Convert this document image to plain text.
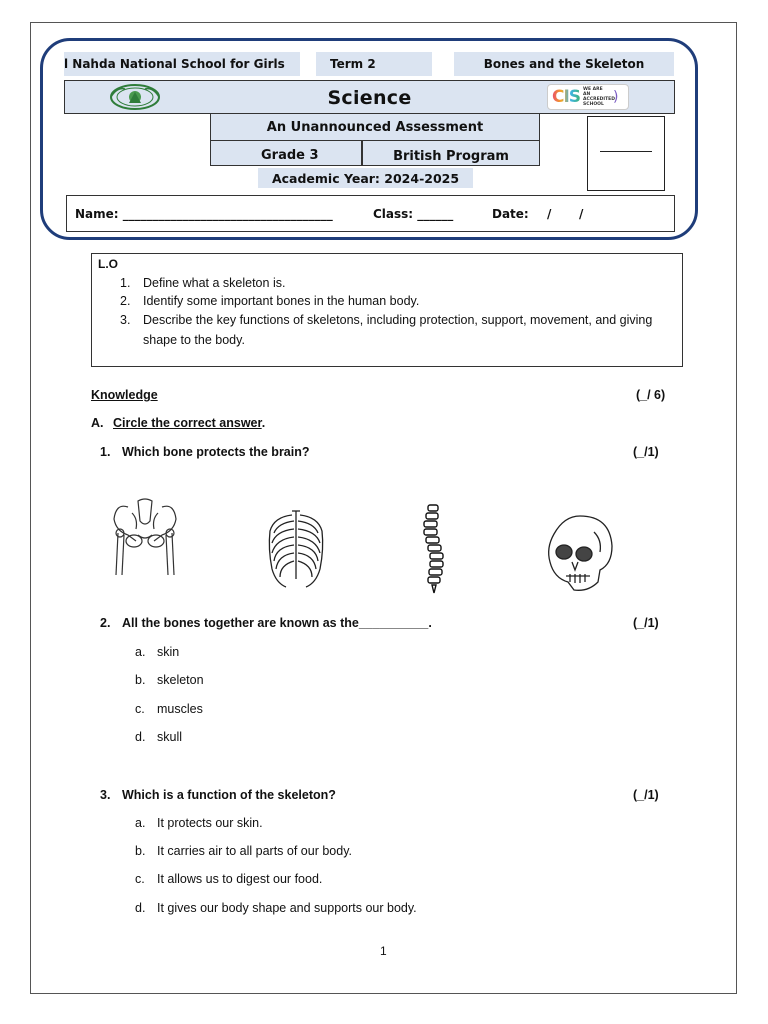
l Nahda National School for Girls	Term 2	Bones and the Skeleton
Science	CIS WE ARE AN ACCREDITED SCHOOL )
An Unannounced Assessment
Grade 3	British Program
Academic Year: 2024-2025
Name: ___________________________________	Class: ______	Date: / /
L.O
1. Define what a skeleton is.
2. Identify some important bones in the human body.
3. Describe the key functions of skeletons, including protection, support, movement, and giving shape to the body.
Knowledge	(_/ 6)
A. Circle the correct answer.
1. Which bone protects the brain?	(_/1)
2. All the bones together are known as the__________.	(_/1)
a. skin
b. skeleton
c. muscles
d. skull
3. Which is a function of the skeleton?	(_/1)
a. It protects our skin.
b. It carries air to all parts of our body.
c. It allows us to digest our food.
d. It gives our body shape and supports our body.
1
